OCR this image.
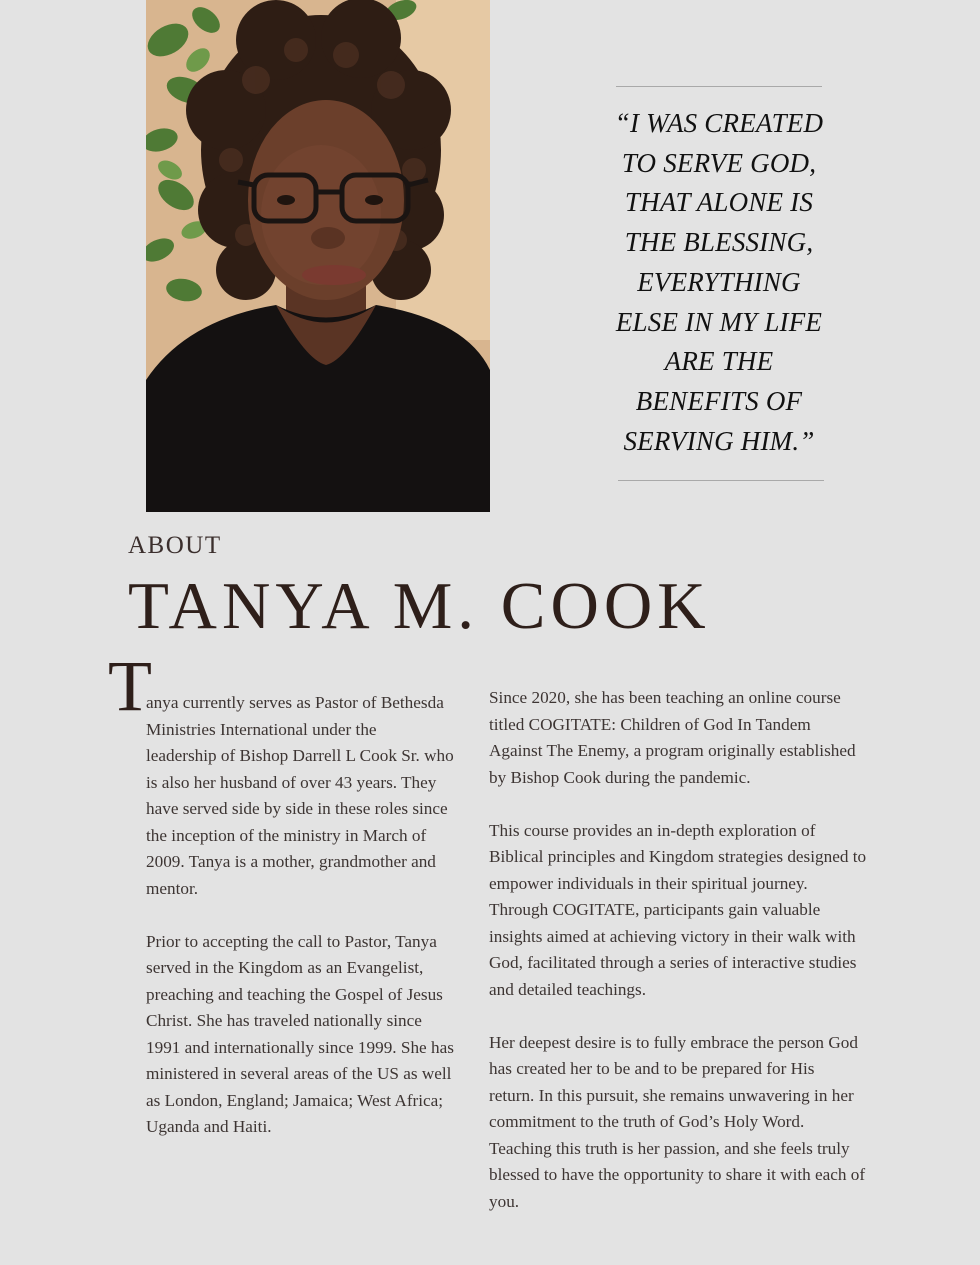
“I WAS CREATED
TO SERVE GOD,
THAT ALONE IS
THE BLESSING,
EVERYTHING
ELSE IN MY LIFE
ARE THE
BENEFITS OF
SERVING HIM.”
ABOUT
TANYA M. COOK
T

anya currently serves as Pastor of Bethesda
Ministries International under the
leadership of Bishop Darrell L Cook Sr. who
is also her husband of over 43 years. They
have served side by side in these roles since
the inception of the ministry in March of
2009. Tanya is a mother, grandmother and
mentor.

Prior to accepting the call to Pastor, Tanya
served in the Kingdom as an Evangelist,
preaching and teaching the Gospel of Jesus
Christ. She has traveled nationally since
1991 and internationally since 1999. She has
ministered in several areas of the US as well
as London, England; Jamaica; West Africa;
Uganda and Haiti.

Since 2020, she has been teaching an online course
titled COGITATE: Children of God In Tandem
Against The Enemy, a program originally established
by Bishop Cook during the pandemic.

This course provides an in-depth exploration of
Biblical principles and Kingdom strategies designed to
empower individuals in their spiritual journey.
Through COGITATE, participants gain valuable
insights aimed at achieving victory in their walk with
God, facilitated through a series of interactive studies
and detailed teachings.

Her deepest desire is to fully embrace the person God
has created her to be and to be prepared for His
return. In this pursuit, she remains unwavering in her
commitment to the truth of God’s Holy Word.
Teaching this truth is her passion, and she feels truly
blessed to have the opportunity to share it with each of
you.
